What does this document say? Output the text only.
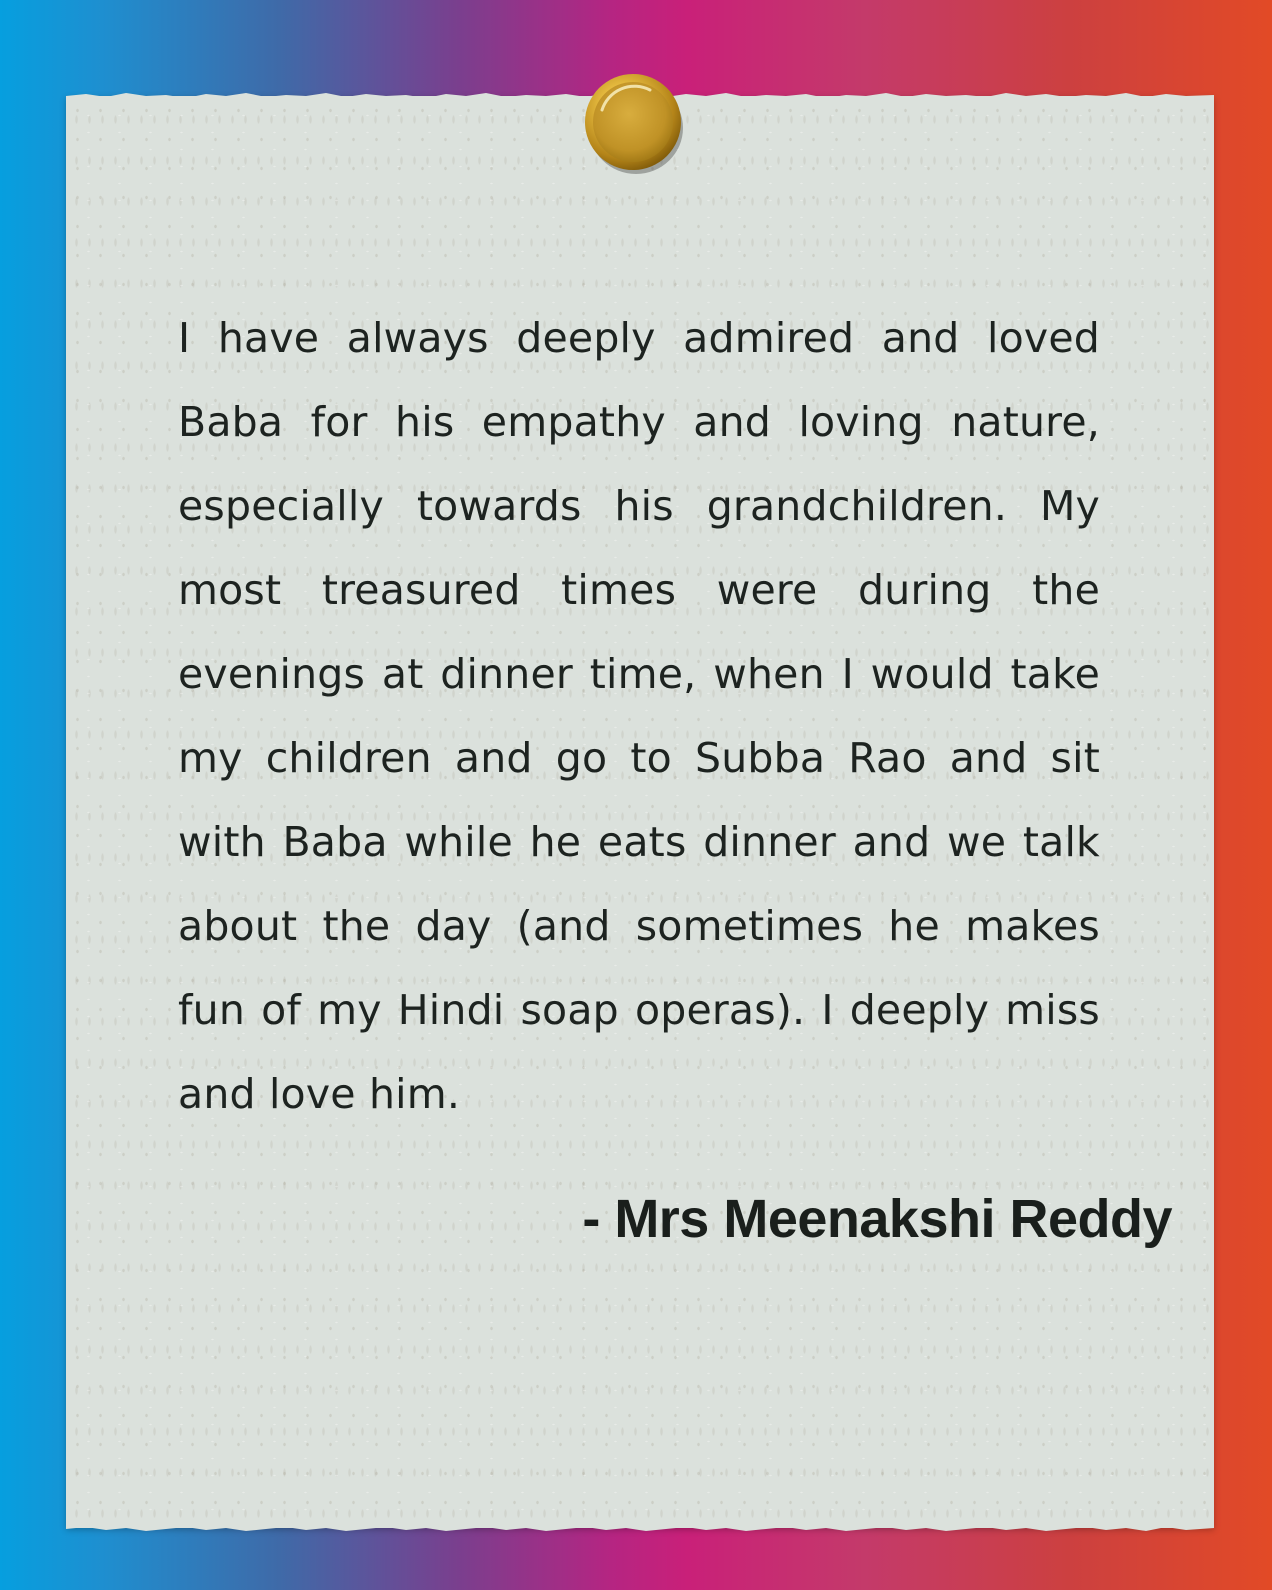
I have always deeply admired and loved Baba for his empathy and loving nature, especially towards his grandchildren. My most treasured times were during the evenings at dinner time, when I would take my children and go to Subba Rao and sit with Baba while he eats dinner and we talk about the day (and sometimes he makes fun of my Hindi soap operas). I deeply miss and love him.

- Mrs Meenakshi Reddy
